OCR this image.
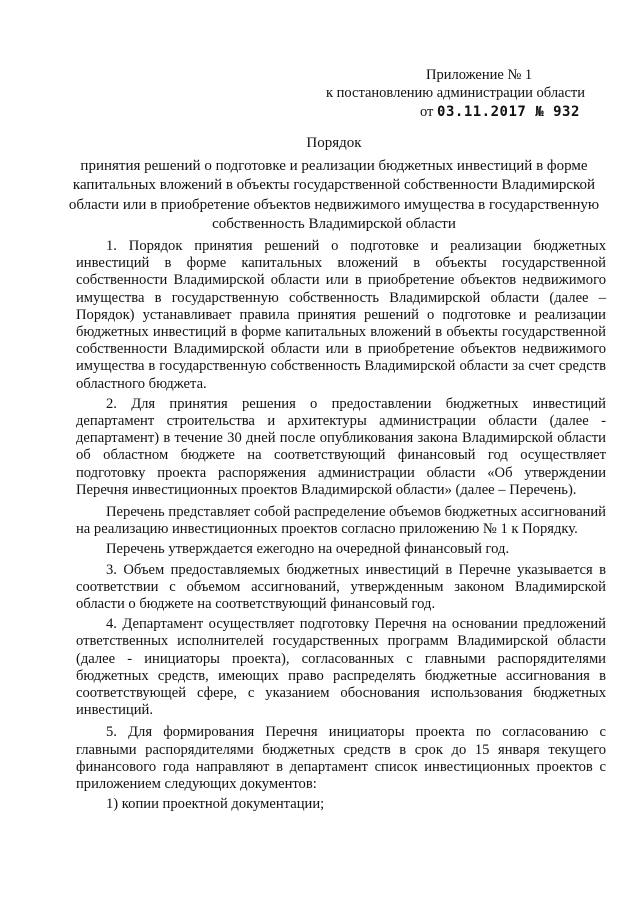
Приложение № 1
к постановлению администрации области
от 03.11.2017 № 932
Порядок
принятия решений о подготовке и реализации бюджетных инвестиций в форме капитальных вложений в объекты государственной собственности Владимирской области или в приобретение объектов недвижимого имущества в государственную собственность Владимирской области

1. Порядок принятия решений о подготовке и реализации бюджетных инвестиций в форме капитальных вложений в объекты государственной собственности Владимирской области или в приобретение объектов недвижимого имущества в государственную собственность Владимирской области (далее – Порядок) устанавливает правила принятия решений о подготовке и реализации бюджетных инвестиций в форме капитальных вложений в объекты государственной собственности Владимирской области или в приобретение объектов недвижимого имущества в государственную собственность Владимирской области за счет средств областного бюджета.

2. Для принятия решения о предоставлении бюджетных инвестиций департамент строительства и архитектуры администрации области (далее - департамент) в течение 30 дней после опубликования закона Владимирской области об областном бюджете на соответствующий финансовый год осуществляет подготовку проекта распоряжения администрации области «Об утверждении Перечня инвестиционных проектов Владимирской области» (далее – Перечень).

Перечень представляет собой распределение объемов бюджетных ассигнований на реализацию инвестиционных проектов согласно приложению № 1 к Порядку.

Перечень утверждается ежегодно на очередной финансовый год.

3. Объем предоставляемых бюджетных инвестиций в Перечне указывается в соответствии с объемом ассигнований, утвержденным законом Владимирской области о бюджете на соответствующий финансовый год.

4. Департамент осуществляет подготовку Перечня на основании предложений ответственных исполнителей государственных программ Владимирской области (далее - инициаторы проекта), согласованных с главными распорядителями бюджетных средств, имеющих право распределять бюджетные ассигнования в соответствующей сфере, с указанием обоснования использования бюджетных инвестиций.

5. Для формирования Перечня инициаторы проекта по согласованию с главными распорядителями бюджетных средств в срок до 15 января текущего финансового года направляют в департамент список инвестиционных проектов с приложением следующих документов:

1) копии проектной документации;
